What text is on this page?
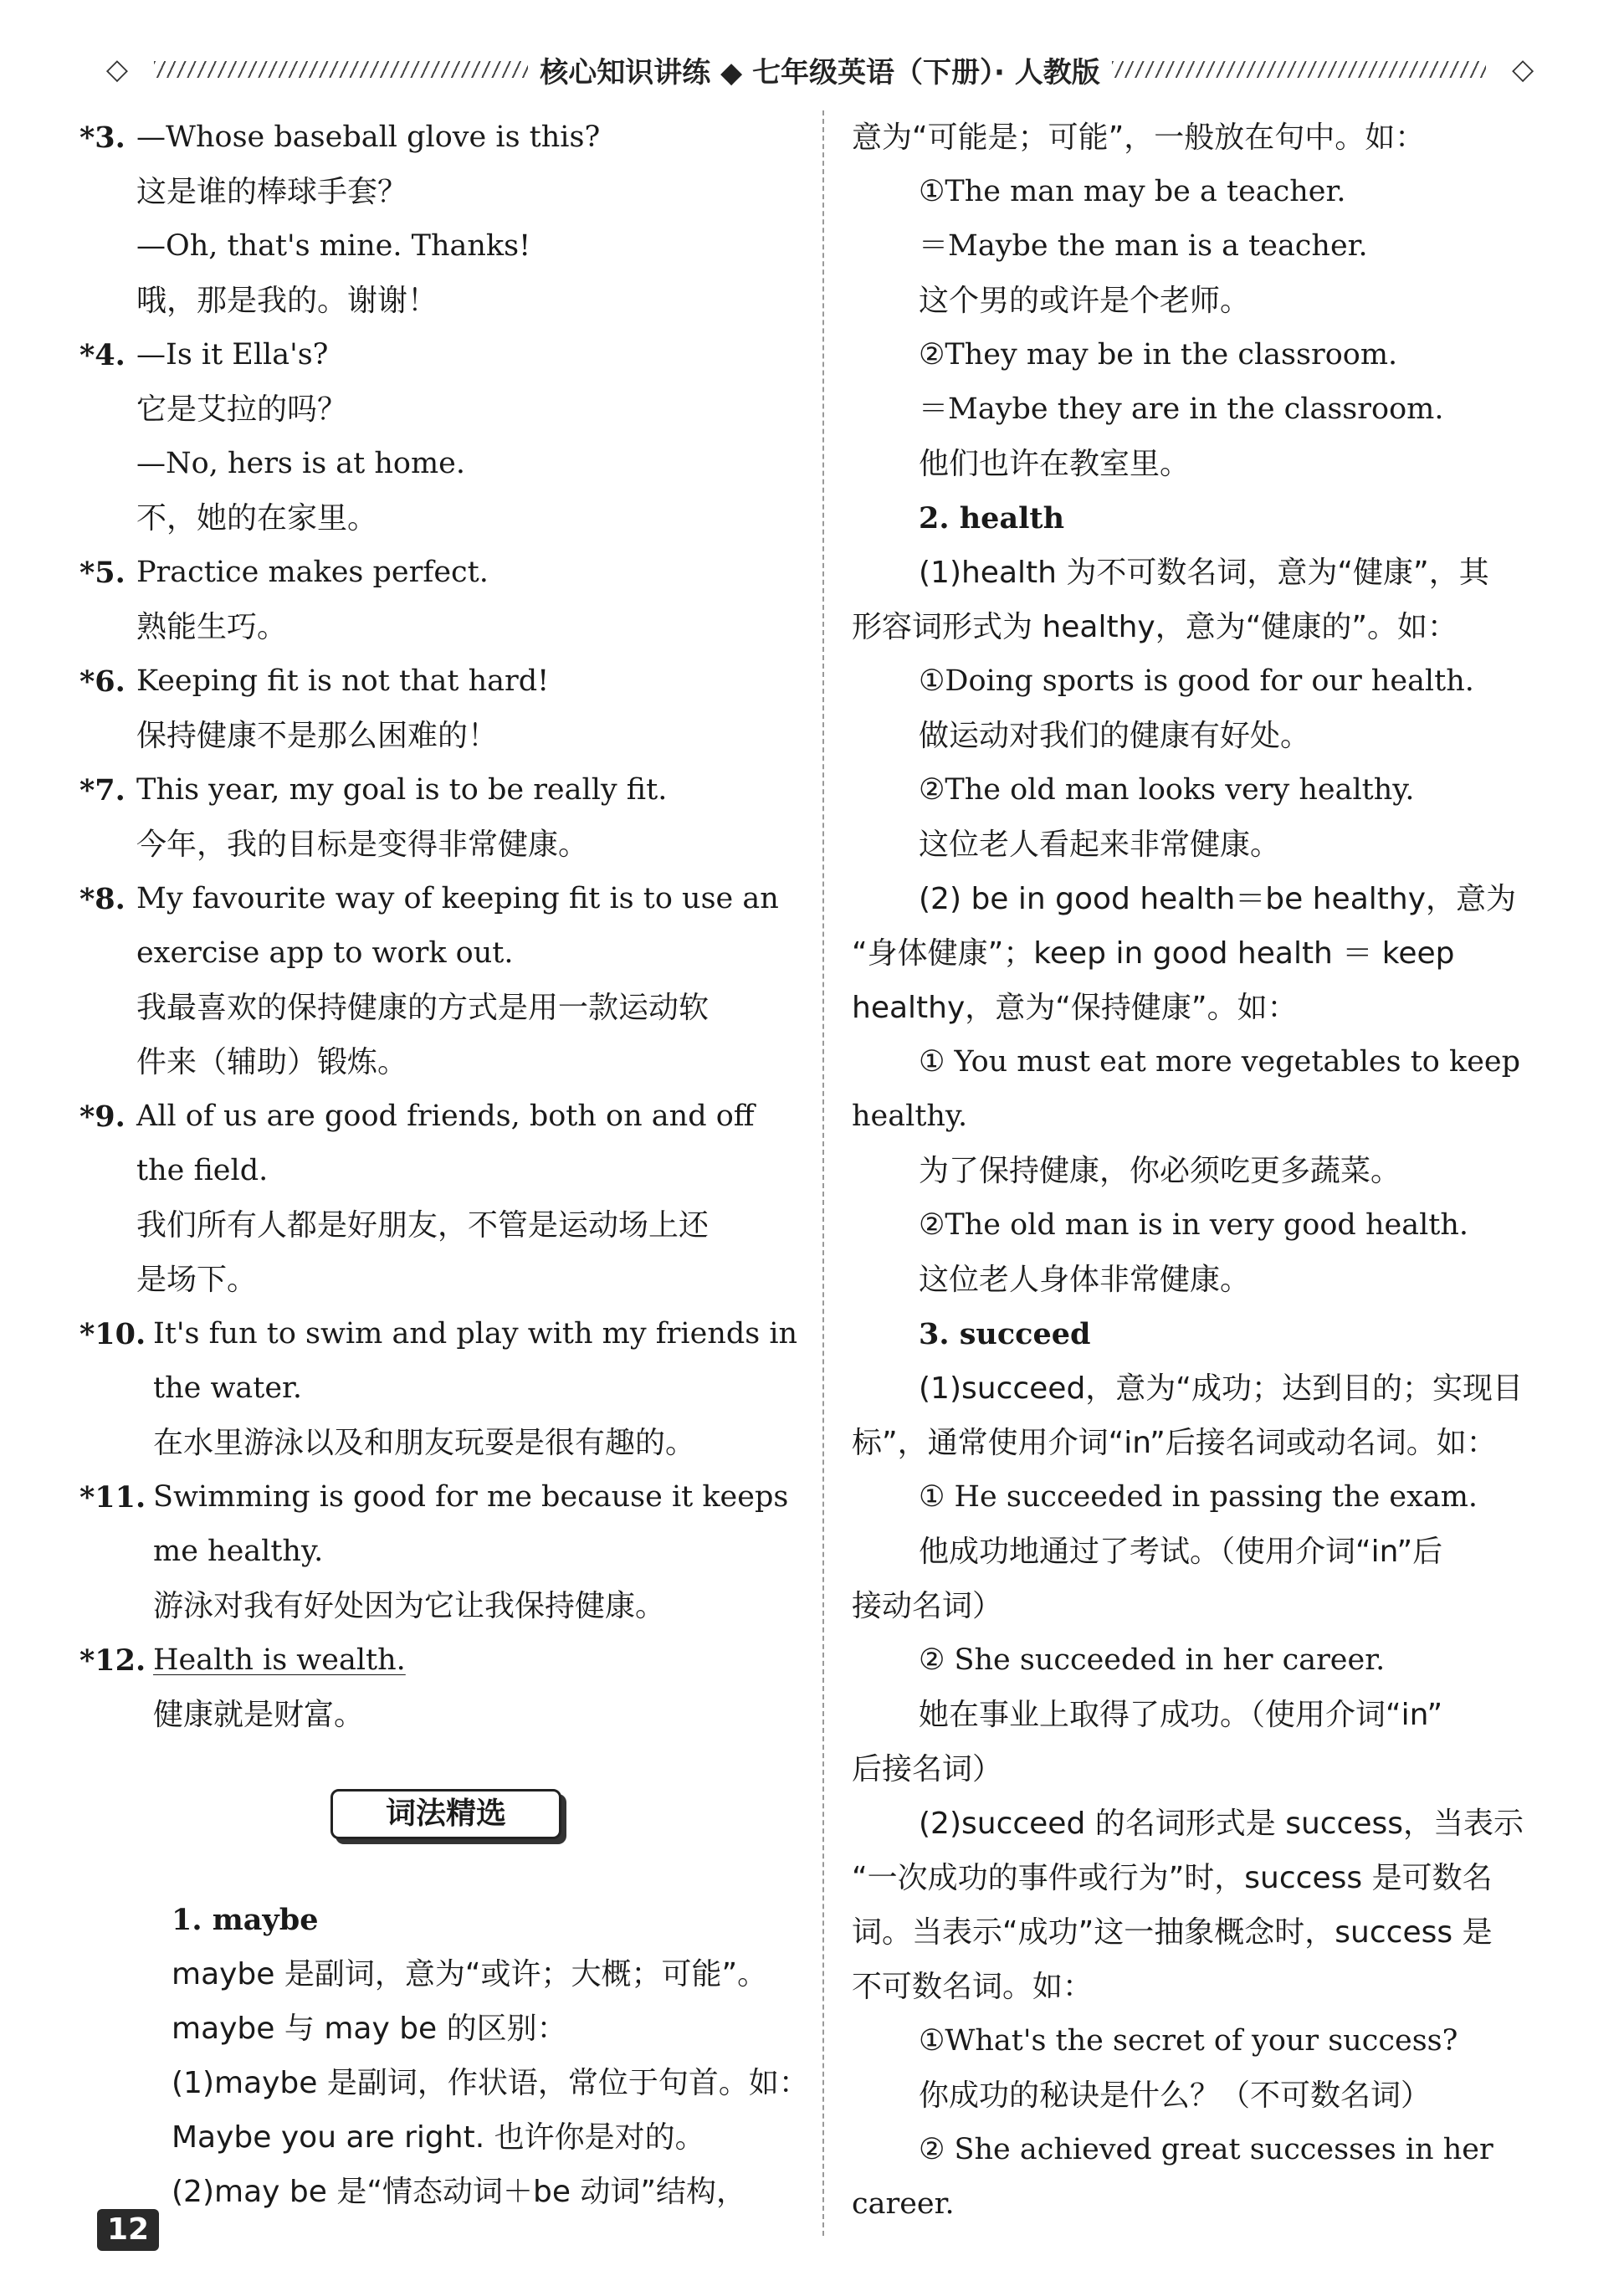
◇	核心知识讲练 ◆ 七年级英语（下册）· 人教版	◇
*3. —Whose baseball glove is this?
这是谁的棒球手套？
—Oh, that's mine. Thanks!
哦，那是我的。谢谢！
*4. —Is it Ella's?
它是艾拉的吗？
—No, hers is at home.
不，她的在家里。
*5. Practice makes perfect.
熟能生巧。
*6. Keeping fit is not that hard!
保持健康不是那么困难的！
*7. This year, my goal is to be really fit.
今年，我的目标是变得非常健康。
*8. My favourite way of keeping fit is to use an
exercise app to work out.
我最喜欢的保持健康的方式是用一款运动软
件来（辅助）锻炼。
*9. All of us are good friends, both on and off
the field.
我们所有人都是好朋友，不管是运动场上还
是场下。
*10. It's fun to swim and play with my friends in
the water.
在水里游泳以及和朋友玩耍是很有趣的。
*11. Swimming is good for me because it keeps
me healthy.
游泳对我有好处因为它让我保持健康。
*12. Health is wealth.
健康就是财富。
词法精选
1. maybe
maybe 是副词，意为“或许；大概；可能”。
maybe 与 may be 的区别：
(1)maybe 是副词，作状语，常位于句首。如：
Maybe you are right. 也许你是对的。
(2)may be 是“情态动词＋be 动词”结构，
意为“可能是；可能”，一般放在句中。如：
①The man may be a teacher.
＝Maybe the man is a teacher.
这个男的或许是个老师。
②They may be in the classroom.
＝Maybe they are in the classroom.
他们也许在教室里。
2. health
(1)health 为不可数名词，意为“健康”，其
形容词形式为 healthy，意为“健康的”。如：
①Doing sports is good for our health.
做运动对我们的健康有好处。
②The old man looks very healthy.
这位老人看起来非常健康。
(2) be in good health＝be healthy，意为
“身体健康”；keep in good health ＝ keep
healthy，意为“保持健康”。如：
① You must eat more vegetables to keep
healthy.
为了保持健康，你必须吃更多蔬菜。
②The old man is in very good health.
这位老人身体非常健康。
3. succeed
(1)succeed，意为“成功；达到目的；实现目
标”，通常使用介词“in”后接名词或动名词。如：
① He succeeded in passing the exam.
他成功地通过了考试。（使用介词“in”后
接动名词）
② She succeeded in her career.
她在事业上取得了成功。（使用介词“in”
后接名词）
(2)succeed 的名词形式是 success，当表示
“一次成功的事件或行为”时，success 是可数名
词。当表示“成功”这一抽象概念时，success 是
不可数名词。如：
①What's the secret of your success?
你成功的秘诀是什么？（不可数名词）
② She achieved great successes in her
career.
12
